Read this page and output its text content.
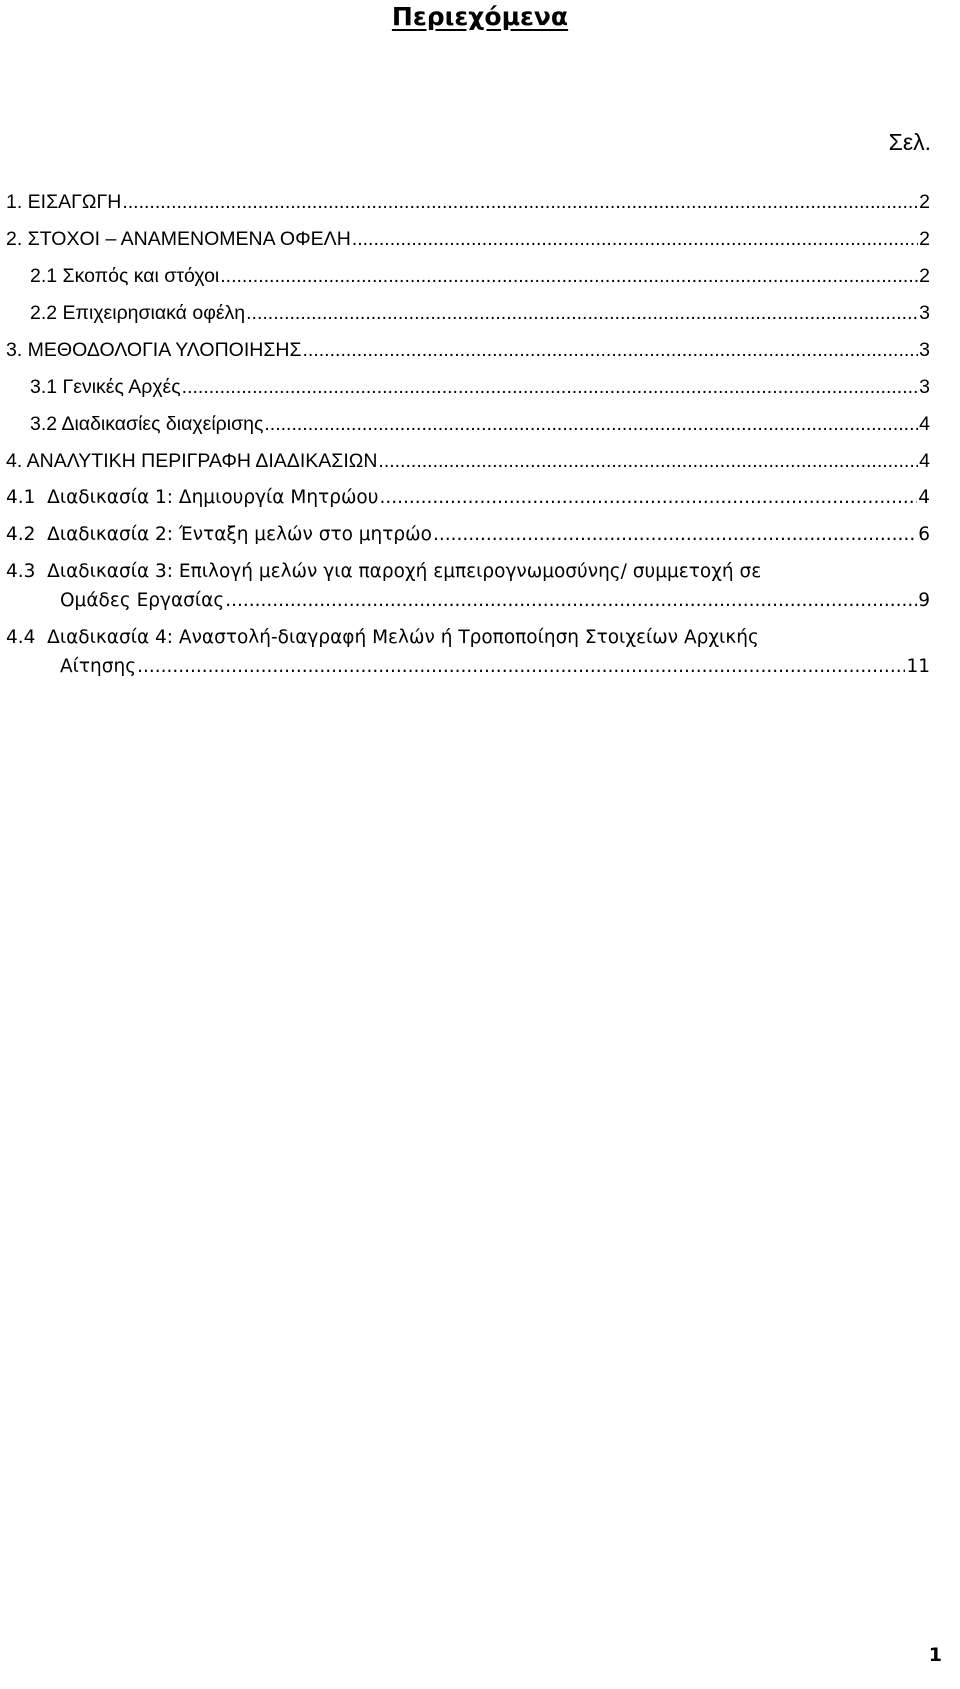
Περιεχόμενα
Σελ.
1. ΕΙΣΑΓΩΓΗ .....	2
2. ΣΤΟΧΟΙ – ΑΝΑΜΕΝΟΜΕΝΑ ΟΦΕΛΗ .....	2
2.1 Σκοπός και στόχοι .....	2
2.2 Επιχειρησιακά οφέλη .....	3
3. ΜΕΘΟΔΟΛΟΓΙΑ ΥΛΟΠΟΙΗΣΗΣ .....	3
3.1 Γενικές Αρχές .....	3
3.2 Διαδικασίες διαχείρισης .....	4
4. ΑΝΑΛΥΤΙΚΗ ΠΕΡΙΓΡΑΦΗ ΔΙΑΔΙΚΑΣΙΩΝ .....	4
4.1  Διαδικασία 1: Δημιουργία Μητρώου .....	4
4.2  Διαδικασία 2: Ένταξη μελών στο μητρώο .....	6
4.3  Διαδικασία 3: Επιλογή μελών για παροχή εμπειρογνωμοσύνης/ συμμετοχή σε
Ομάδες Εργασίας .....	9
4.4  Διαδικασία 4: Αναστολή-διαγραφή Μελών ή Τροποποίηση Στοιχείων Αρχικής
Αίτησης .....	11
1
